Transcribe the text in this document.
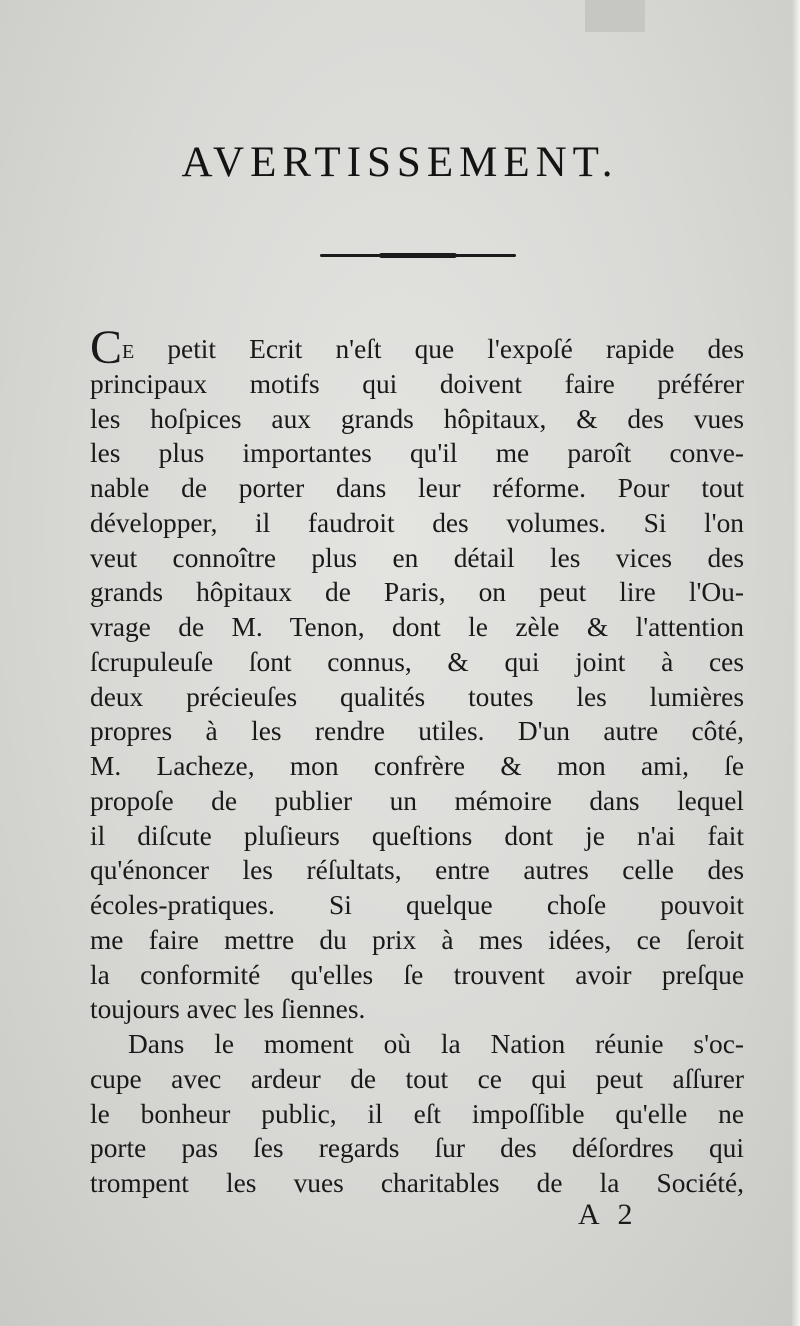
AVERTISSEMENT.
CE petit Ecrit n'eſt que l'expoſé rapide des
principaux motifs qui doivent faire préférer
les hoſpices aux grands hôpitaux, & des vues
les plus importantes qu'il me paroît conve-
nable de porter dans leur réforme. Pour tout
développer, il faudroit des volumes. Si l'on
veut connoître plus en détail les vices des
grands hôpitaux de Paris, on peut lire l'Ou-
vrage de M. Tenon, dont le zèle & l'attention
ſcrupuleuſe ſont connus, & qui joint à ces
deux précieuſes qualités toutes les lumières
propres à les rendre utiles. D'un autre côté,
M. Lacheze, mon confrère & mon ami, ſe
propoſe de publier un mémoire dans lequel
il diſcute pluſieurs queſtions dont je n'ai fait
qu'énoncer les réſultats, entre autres celle des
écoles-pratiques. Si quelque choſe pouvoit
me faire mettre du prix à mes idées, ce ſeroit
la conformité qu'elles ſe trouvent avoir preſque
toujours avec les ſiennes.
Dans le moment où la Nation réunie s'oc-
cupe avec ardeur de tout ce qui peut aſſurer
le bonheur public, il eſt impoſſible qu'elle ne
porte pas ſes regards ſur des déſordres qui
trompent les vues charitables de la Société,
A 2
